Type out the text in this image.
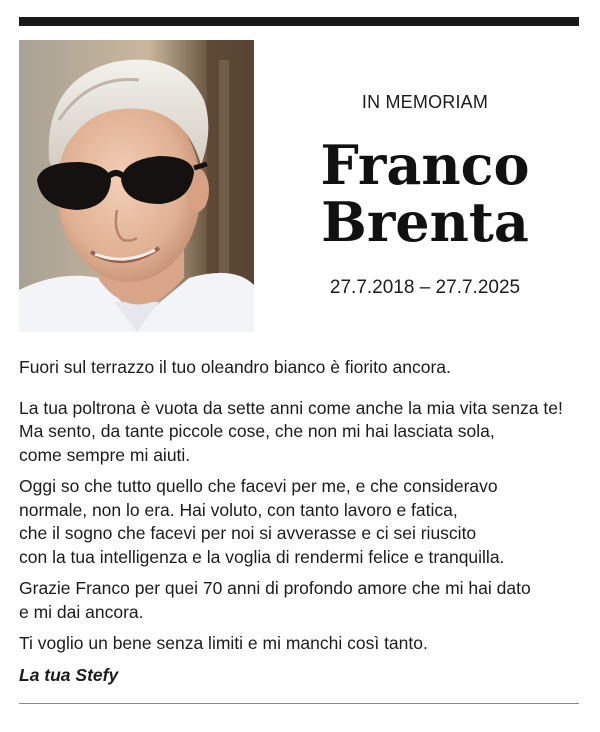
IN MEMORIAM

Franco
Brenta
27.7.2018 – 27.7.2025

Fuori sul terrazzo il tuo oleandro bianco è fiorito ancora.

La tua poltrona è vuota da sette anni come anche la mia vita senza te!
Ma sento, da tante piccole cose, che non mi hai lasciata sola,
come sempre mi aiuti.

Oggi so che tutto quello che facevi per me, e che consideravo
normale, non lo era. Hai voluto, con tanto lavoro e fatica,
che il sogno che facevi per noi si avverasse e ci sei riuscito
con la tua intelligenza e la voglia di rendermi felice e tranquilla.

Grazie Franco per quei 70 anni di profondo amore che mi hai dato
e mi dai ancora.

Ti voglio un bene senza limiti e mi manchi così tanto.

La tua Stefy
